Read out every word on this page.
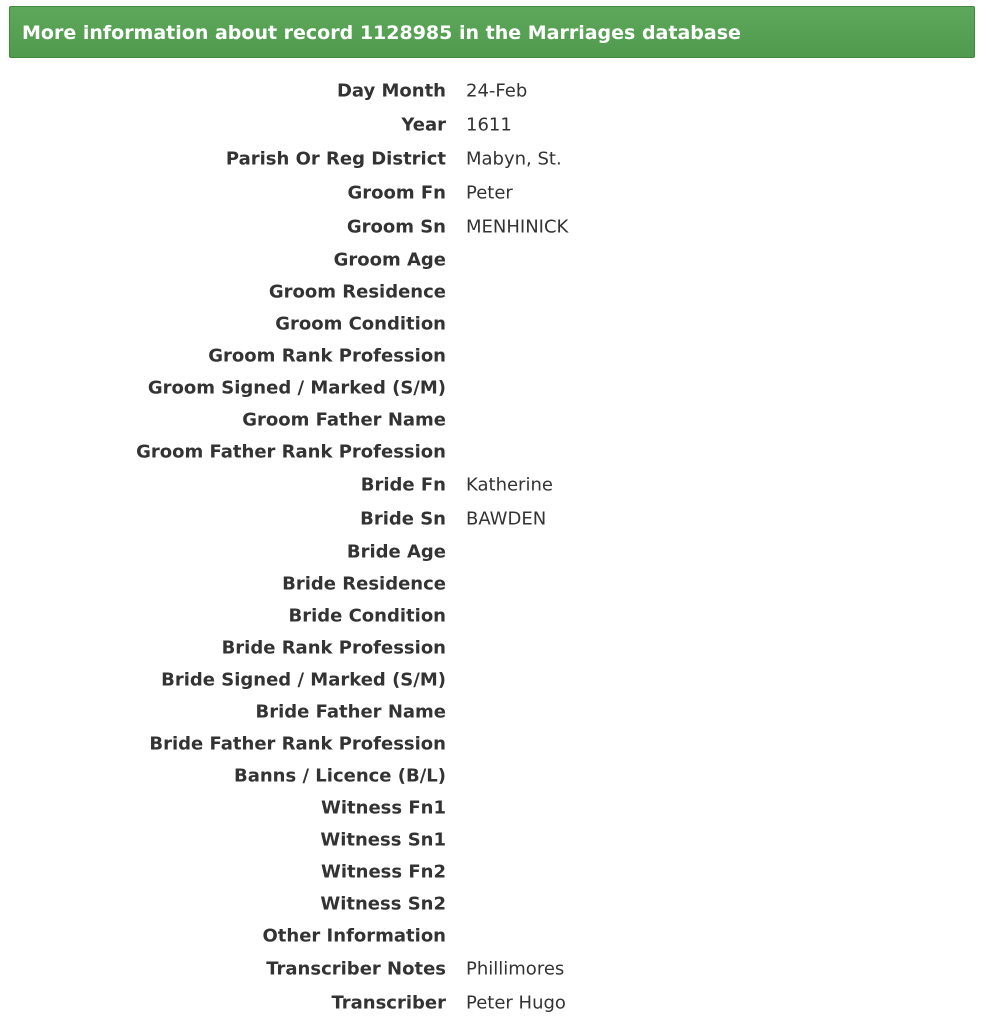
More information about record 1128985 in the Marriages database
Day Month 24-Feb
Year 1611
Parish Or Reg District Mabyn, St.
Groom Fn Peter
Groom Sn MENHINICK
Groom Age
Groom Residence
Groom Condition
Groom Rank Profession
Groom Signed / Marked (S/M)
Groom Father Name
Groom Father Rank Profession
Bride Fn Katherine
Bride Sn BAWDEN
Bride Age
Bride Residence
Bride Condition
Bride Rank Profession
Bride Signed / Marked (S/M)
Bride Father Name
Bride Father Rank Profession
Banns / Licence (B/L)
Witness Fn1
Witness Sn1
Witness Fn2
Witness Sn2
Other Information
Transcriber Notes Phillimores
Transcriber Peter Hugo
